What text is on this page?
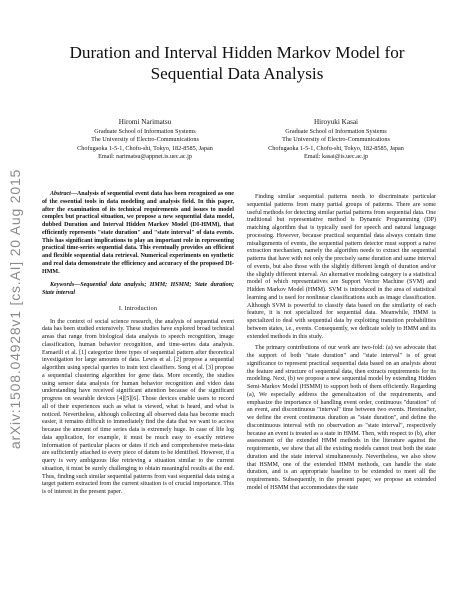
Duration and Interval Hidden Markov Model for
Sequential Data Analysis
Hiromi Narimatsu
Graduate School of Information Systems
The University of Electro-Communications
Chofugaoka 1-5-1, Chofu-shi, Tokyo, 182-8585, Japan
Email: narimatsu@appnet.is.uec.ac.jp
Hiroyuki Kasai
Graduate School of Information Systems
The University of Electro-Communications
Chofugaoka 1-5-1, Chofu-shi, Tokyo, 182-8585, Japan
Email: kasai@is.uec.ac.jp
arXiv:1508.04928v1 [cs.AI] 20 Aug 2015	Abstract—Analysis of sequential event data has been recognized as one of the essential tools in data modeling and analysis field. In this paper, after the examination of its technical requirements and issues to model complex but practical situation, we propose a new sequential data model, dubbed Duration and Interval Hidden Markov Model (DI-HMM), that efficiently represents "state duration" and "state interval" of data events. This has significant implications to play an important role in representing practical time-series sequential data. This eventually provides an efficient and flexible sequential data retrieval. Numerical experiments on synthetic and real data demonstrate the efficiency and accuracy of the proposed DI-HMM.

Keywords—Sequential data analysis; HMM; HSMM; State duration; State interval

I. Introduction

In the context of social science research, the analysis of sequential event data has been studied extensively. These studies have explored broad technical areas that range from biological data analysis to speech recognition, image classification, human behavior recognition, and time-series data analysis. Esmaeili et al. [1] categorize three types of sequential pattern after theoretical investigation for large amounts of data. Lewis et al. [2] propose a sequential algorithm using special queries to train text classifiers. Song et al. [3] propose a sequential clustering algorithm for gene data. More recently, the studies using sensor data analysis for human behavior recognition and video data understanding have received significant attention because of the significant progress on wearable devices [4][5][6]. Those devices enable users to record all of their experiences such as what is viewed, what is heard, and what is noticed. Nevertheless, although collecting all observed data has become much easier, it remains difficult to immediately find the data that we want to access because the amount of time series data is extremely huge. In case of life log data application, for example, it must be much easy to exactly retrieve information of particular places or dates if rich and comprehensive meta-data are sufficiently attached to every piece of datum to be identified. However, if a query is very ambiguous like retrieving a situation similar to the current situation, it must be surely challenging to obtain meaningful results at the end. Thus, finding such similar sequential patterns from vast sequential data using a target pattern extracted from the current situation is of crucial importance. This is of interest in the present paper.

Finding similar sequential patterns needs to discriminate particular sequential patterns from many partial groups of patterns. There are some useful methods for detecting similar partial patterns from sequential data. One traditional but representative method is Dynamic Programming (DP) matching algorithm that is typically used for speech and natural language processing. However, because practical sequential data always contain time misalignments of events, the sequential pattern detector must support a naive extraction mechanism, namely the algorithm needs to extract the sequential patterns that have with not only the precisely same duration and same interval of events, but also those with the slightly different length of duration and/or the slightly different interval. An alternative modeling category is a statistical model of which representatives are Support Vector Machine (SVM) and Hidden Markov Model (HMM). SVM is introduced in the area of statistical learning and is used for nonlinear classifications such as image classification. Although SVM is powerful to classify data based on the similarity of each feature, it is not specialized for sequential data. Meanwhile, HMM is specialized to deal with sequential data by exploiting transition probabilities between states, i.e., events. Consequently, we dedicate solely to HMM and its extended methods in this study.

The primary contributions of our work are two-fold: (a) we advocate that the support of both "state duration" and "state interval" is of great significance to represent practical sequential data based on an analysis about the feature and structure of sequential data, then extracts requirements for its modeling. Next, (b) we propose a new sequential model by extending Hidden Semi-Markov Model (HSMM) to support both of them efficiently. Regarding (a), We especially address the generalization of the requirements, and emphasize the importance of handling event order, continuous "duration" of an event, and discontinuous "interval" time between two events. Hereinafter, we define the event continuous duration as "state duration", and define the discontinuous interval with no observation as "state interval", respectively because an event is treated as a state in HMM. Then, with respect to (b), after assessment of the extended HMM methods in the literature against the requirements, we show that all the existing models cannot treat both the state duration and the state interval simultaneously. Nevertheless, we also show that HSMM, one of the extended HMM methods, can handle the state duration, and is an appropriate baseline to be extended to meet all the requirements. Subsequently, in the present paper, we propose an extended model of HSMM that accommodates the state
